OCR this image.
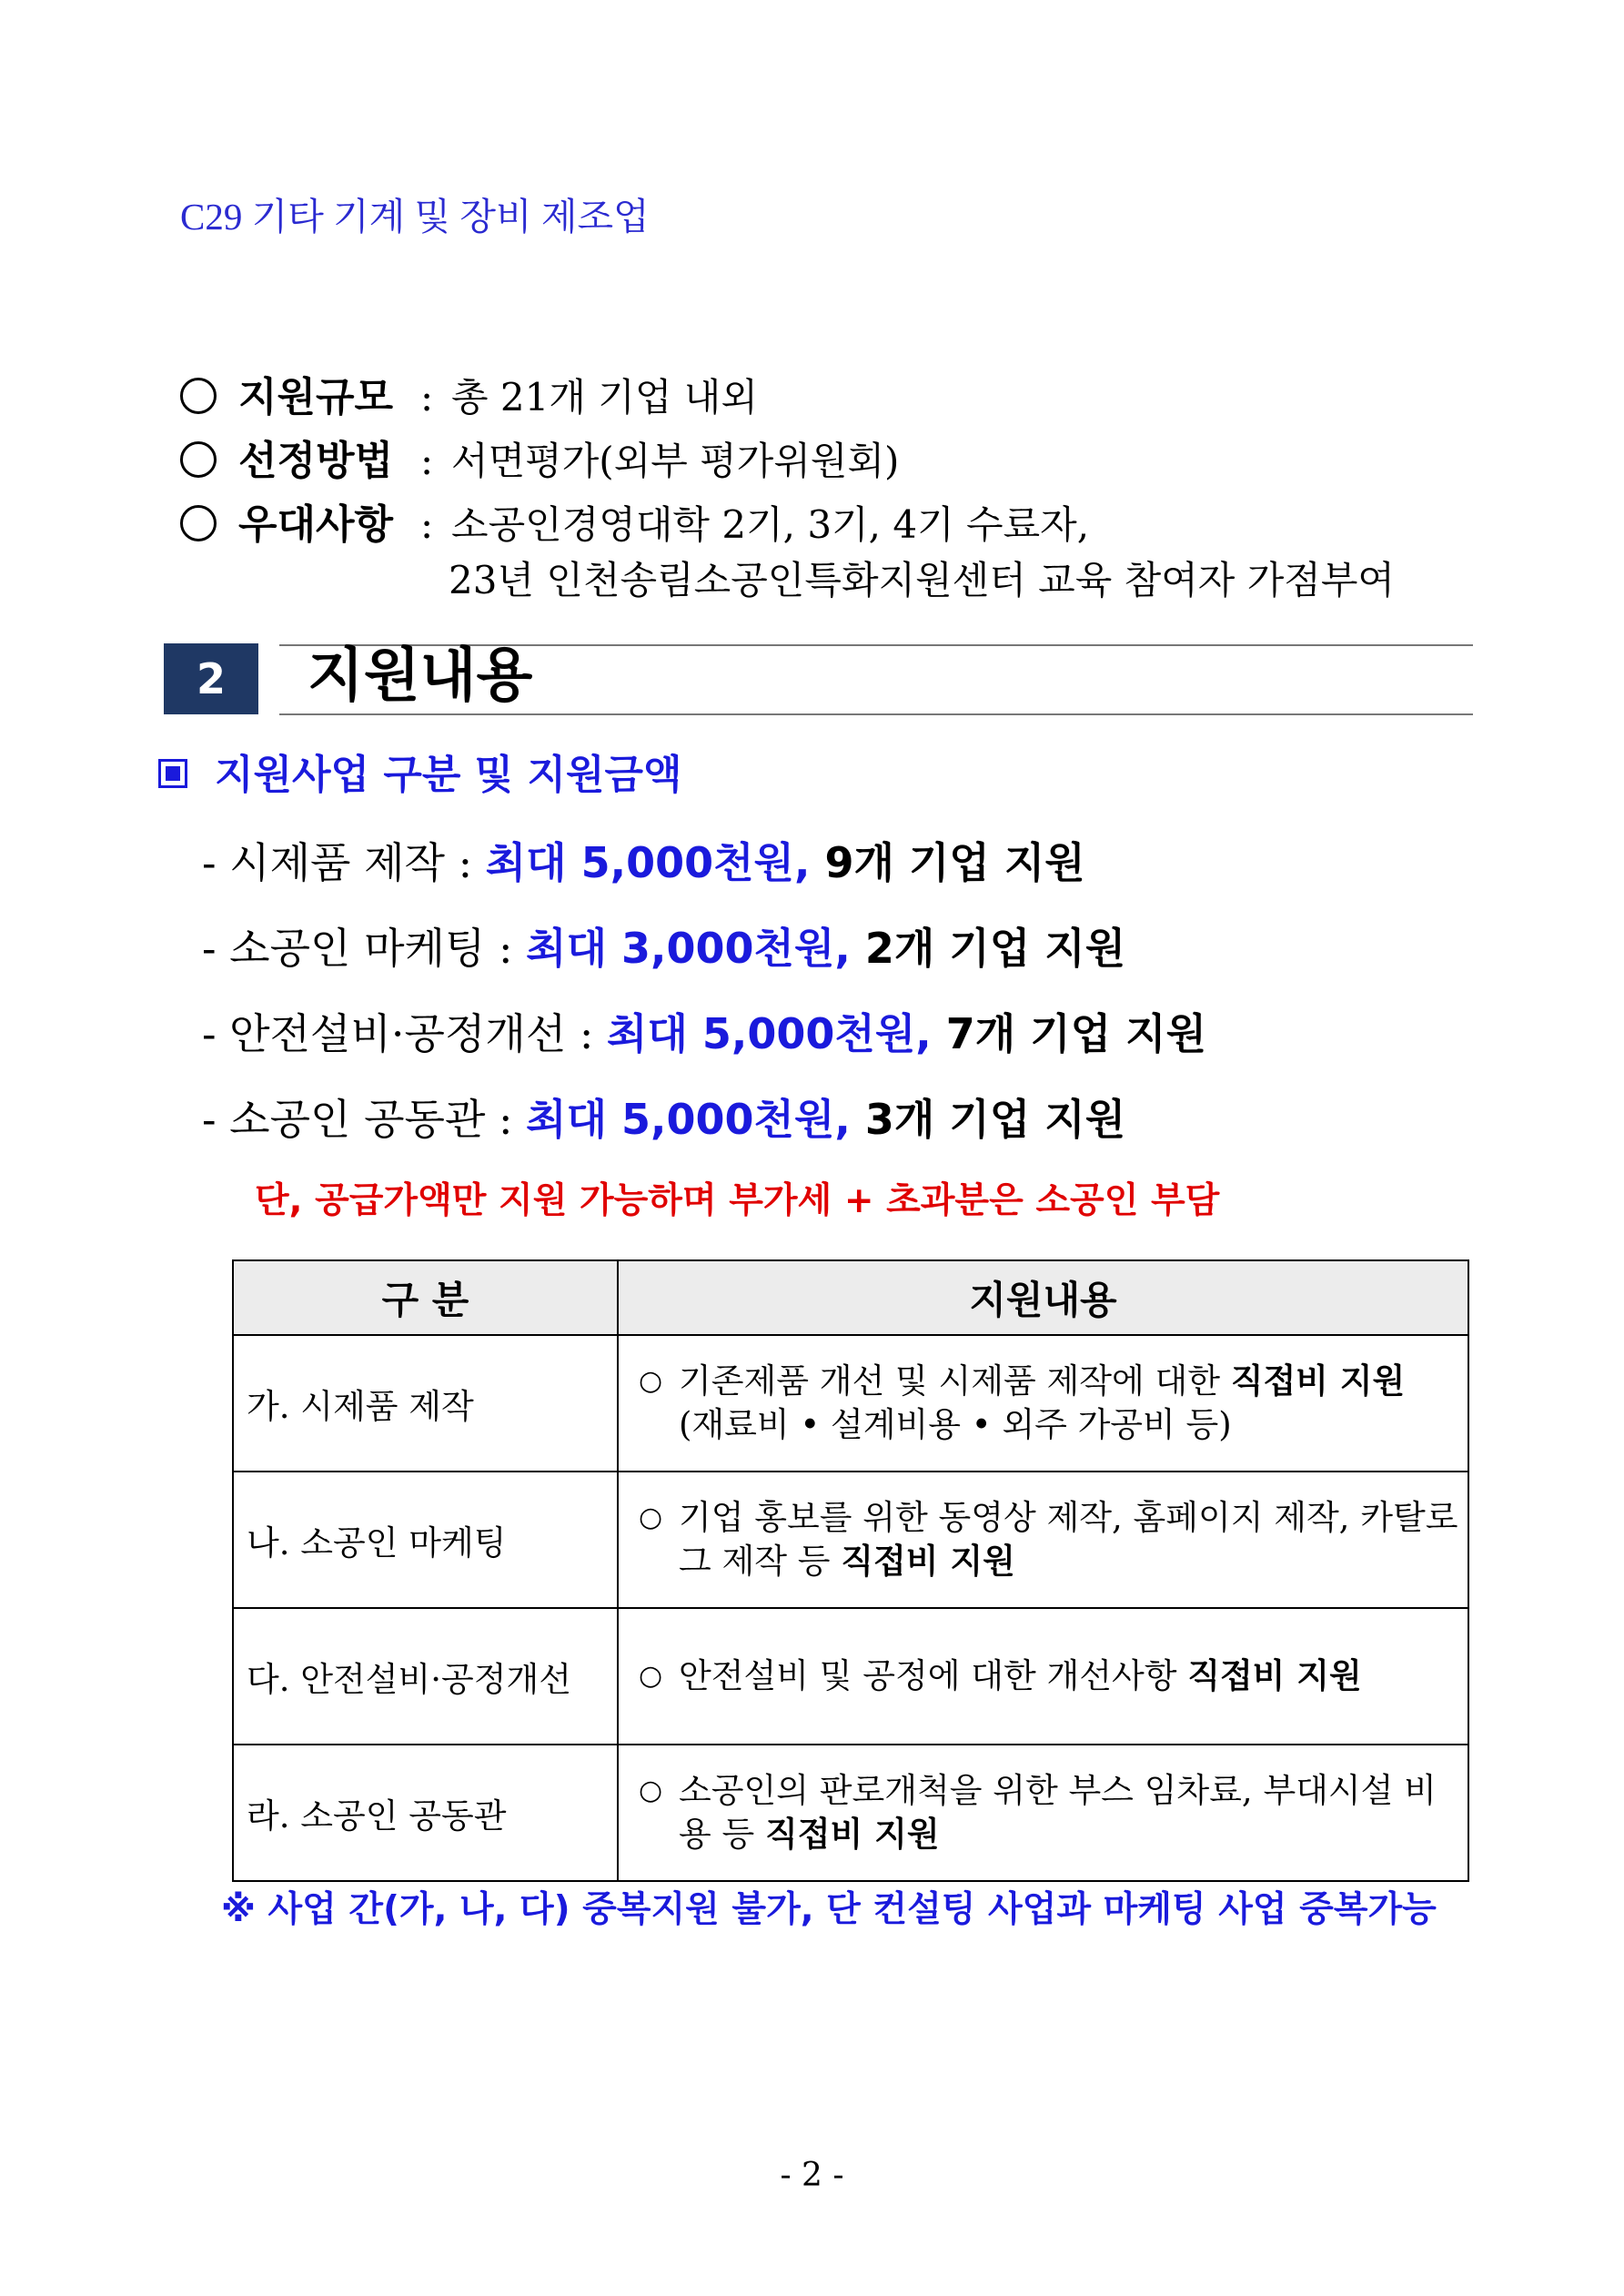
C29 기타 기계 및 장비 제조업
지원규모 : 총 21개 기업 내외
선정방법 : 서면평가(외부 평가위원회)
우대사항 : 소공인경영대학 2기, 3기, 4기 수료자,
23년 인천송림소공인특화지원센터 교육 참여자 가점부여
2	지원내용
지원사업 구분 및 지원금액
- 시제품 제작 : 최대 5,000천원, 9개 기업 지원
- 소공인 마케팅 : 최대 3,000천원, 2개 기업 지원
- 안전설비·공정개선 : 최대 5,000천원, 7개 기업 지원
- 소공인 공동관 : 최대 5,000천원, 3개 기업 지원
단, 공급가액만 지원 가능하며 부가세 + 초과분은 소공인 부담
구 분	지원내용
가. 시제품 제작	○ 기존제품 개선 및 시제품 제작에 대한 직접비 지원 (재료비 • 설계비용 • 외주 가공비 등)

나. 소공인 마케팅	○ 기업 홍보를 위한 동영상 제작, 홈페이지 제작, 카탈로그 제작 등 직접비 지원

다. 안전설비·공정개선	○ 안전설비 및 공정에 대한 개선사항 직접비 지원

라. 소공인 공동관	○ 소공인의 판로개척을 위한 부스 임차료, 부대시설 비용 등 직접비 지원
※ 사업 간(가, 나, 다) 중복지원 불가, 단 컨설팅 사업과 마케팅 사업 중복가능
- 2 -
